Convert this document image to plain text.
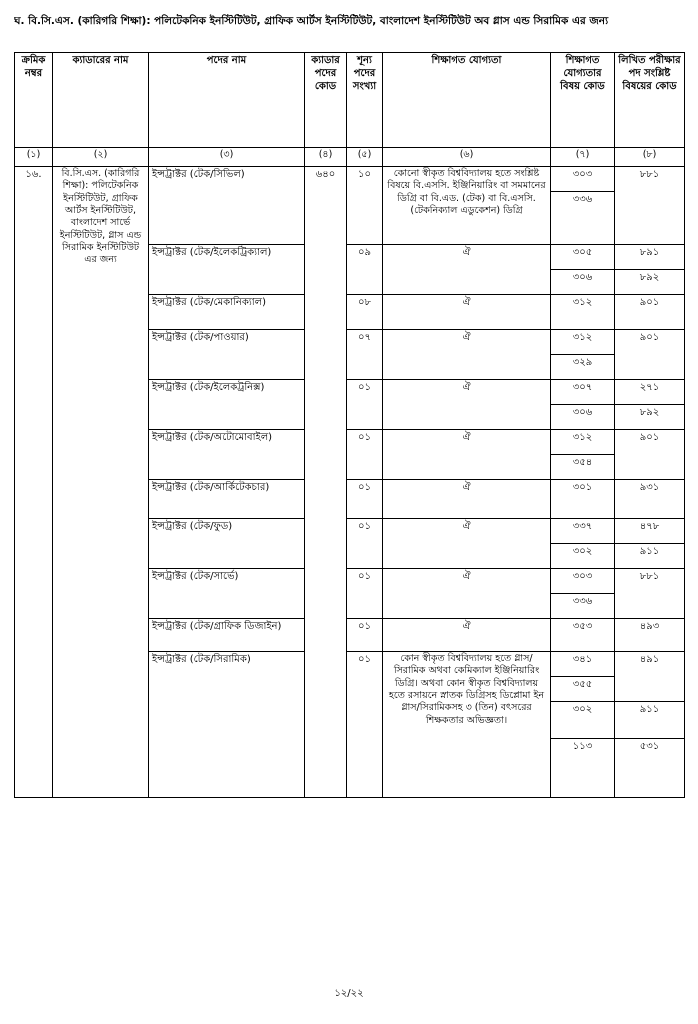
ঘ. বি.সি.এস. (কারিগরি শিক্ষা): পলিটেকনিক ইনস্টিটিউট, গ্রাফিক আর্টস ইনস্টিটিউট, বাংলাদেশ ইনস্টিটিউট অব গ্লাস এন্ড সিরামিক এর জন্য
ক্রমিক নম্বর	ক্যাডারের নাম	পদের নাম	ক্যাডার পদের কোড	শূন্য পদের সংখ্যা	শিক্ষাগত যোগ্যতা	শিক্ষাগত যোগ্যতার বিষয় কোড	লিখিত পরীক্ষার পদ সংশ্লিষ্ট বিষয়ের কোড
(১)	(২)	(৩)	(৪)	(৫)	(৬)	(৭)	(৮)
১৬.	বি.সি.এস. (কারিগরি শিক্ষা): পলিটেকনিক ইনস্টিটিউট, গ্রাফিক আর্টস ইনস্টিটিউট, বাংলাদেশ সার্ভে ইনস্টিটিউট, গ্লাস এন্ড সিরামিক ইনস্টিটিউট এর জন্য	ইন্সট্রাক্টর (টেক/সিভিল)	৬৪০	১০	কোনো স্বীকৃত বিশ্ববিদ্যালয় হতে সংশ্লিষ্ট বিষয়ে বি.এসসি. ইঞ্জিনিয়ারিং বা সমমানের ডিগ্রি বা বি.এড. (টেক) বা বি.এসসি. (টেকনিক্যাল এডুকেশন) ডিগ্রি	৩০৩	৮৮১
						৩৩৬	
		ইন্সট্রাক্টর (টেক/ইলেকট্রিক্যাল)		০৯	ঐ	৩০৫	৮৯১
						৩০৬	৮৯২
		ইন্সট্রাক্টর (টেক/মেকানিক্যাল)		০৮	ঐ	৩১২	৯০১
		ইন্সট্রাক্টর (টেক/পাওয়ার)		০৭	ঐ	৩১২	৯০১
						৩২৯	
		ইন্সট্রাক্টর (টেক/ইলেকট্রনিক্স)		০১	ঐ	৩০৭	২৭১
						৩০৬	৮৯২
		ইন্সট্রাক্টর (টেক/অটোমোবাইল)		০১	ঐ	৩১২	৯০১
						৩৫৪	
		ইন্সট্রাক্টর (টেক/আর্কিটেকচার)		০১	ঐ	৩০১	৯৩১
		ইন্সট্রাক্টর (টেক/ফুড)		০১	ঐ	৩৩৭	৪৭৮
						৩০২	৯১১
		ইন্সট্রাক্টর (টেক/সার্ভে)		০১	ঐ	৩০৩	৮৮১
						৩৩৬	
		ইন্সট্রাক্টর (টেক/গ্রাফিক ডিজাইন)		০১	ঐ	৩৫৩	৪৯৩
		ইন্সট্রাক্টর (টেক/সিরামিক)		০১	কোন স্বীকৃত বিশ্ববিদ্যালয় হতে গ্লাস/ সিরামিক অথবা কেমিক্যাল ইঞ্জিনিয়ারিং ডিগ্রি। অথবা কোন স্বীকৃত বিশ্ববিদ্যালয় হতে রসায়নে স্নাতক ডিগ্রিসহ ডিপ্লোমা ইন গ্লাস/সিরামিকসহ ৩ (তিন) বৎসরের শিক্ষকতার অভিজ্ঞতা।	৩৪১	৪৯১
						৩৫৫	
						৩০২	৯১১
						১১৩	৫৩১
১২/২২
